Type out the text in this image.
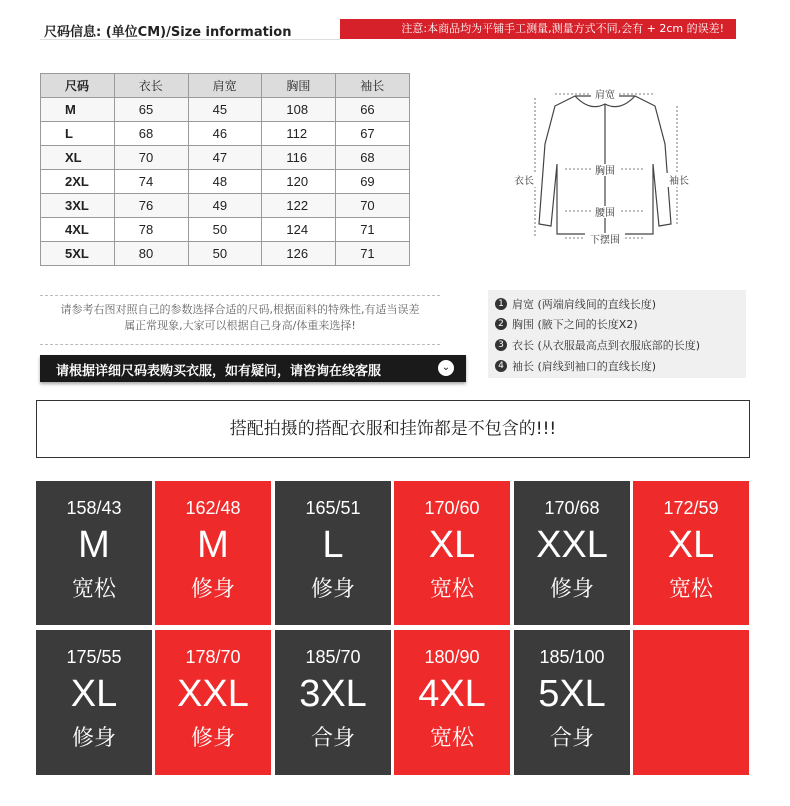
尺码信息: (单位CM)/Size information	注意:本商品均为平铺手工测量,测量方式不同,会有 + 2cm 的误差!
尺码	衣长	肩宽	胸围	袖长
M	65	45	108	66
L	68	46	112	67
XL	70	47	116	68
2XL	74	48	120	69
3XL	76	49	122	70
4XL	78	50	124	71
5XL	80	50	126	71
肩宽
衣长
胸围
袖长
腰围
下摆围
请参考右图对照自己的参数选择合适的尺码,根据面料的特殊性,有适当误差
属正常现象,大家可以根据自己身高/体重来选择!
1 肩宽 (两端肩线间的直线长度)
2 胸围 (腋下之间的长度X2)
3 衣长 (从衣服最高点到衣服底部的长度)
4 袖长 (肩线到袖口的直线长度)
请根据详细尺码表购买衣服，如有疑问，请咨询在线客服	⌄
搭配拍摄的搭配衣服和挂饰都是不包含的!!!
158/43
M
宽松
162/48
M
修身
165/51
L
修身
170/60
XL
宽松
170/68
XXL
修身
172/59
XL
宽松
175/55
XL
修身
178/70
XXL
修身
185/70
3XL
合身
180/90
4XL
宽松
185/100
5XL
合身
